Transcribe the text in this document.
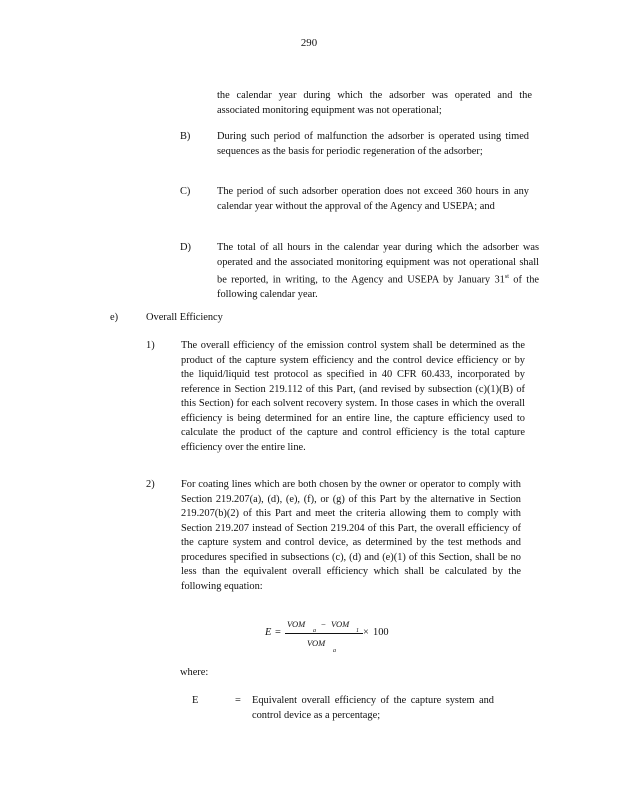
290
the calendar year during which the adsorber was operated and the associated monitoring equipment was not operational;
B)	During such period of malfunction the adsorber is operated using timed sequences as the basis for periodic regeneration of the adsorber;
C)	The period of such adsorber operation does not exceed 360 hours in any calendar year without the approval of the Agency and USEPA; and
D)	The total of all hours in the calendar year during which the adsorber was operated and the associated monitoring equipment was not operational shall be reported, in writing, to the Agency and USEPA by January 31st of the following calendar year.
e)	Overall Efficiency
1)	The overall efficiency of the emission control system shall be determined as the product of the capture system efficiency and the control device efficiency or by the liquid/liquid test protocol as specified in 40 CFR 60.433, incorporated by reference in Section 219.112 of this Part, (and revised by subsection (c)(1)(B) of this Section) for each solvent recovery system. In those cases in which the overall efficiency is being determined for an entire line, the capture efficiency used to calculate the product of the capture and control efficiency is the total capture efficiency over the entire line.
2)	For coating lines which are both chosen by the owner or operator to comply with Section 219.207(a), (d), (e), (f), or (g) of this Part by the alternative in Section 219.207(b)(2) of this Part and meet the criteria allowing them to comply with Section 219.207 instead of Section 219.204 of this Part, the overall efficiency of the capture system and control device, as determined by the test methods and procedures specified in subsections (c), (d) and (e)(1) of this Section, shall be no less than the equivalent overall efficiency which shall be calculated by the following equation:
E =
VOM
a
− VOM
1
VOM
a
× 100
where:
E	= Equivalent overall efficiency of the capture system and control device as a percentage;
